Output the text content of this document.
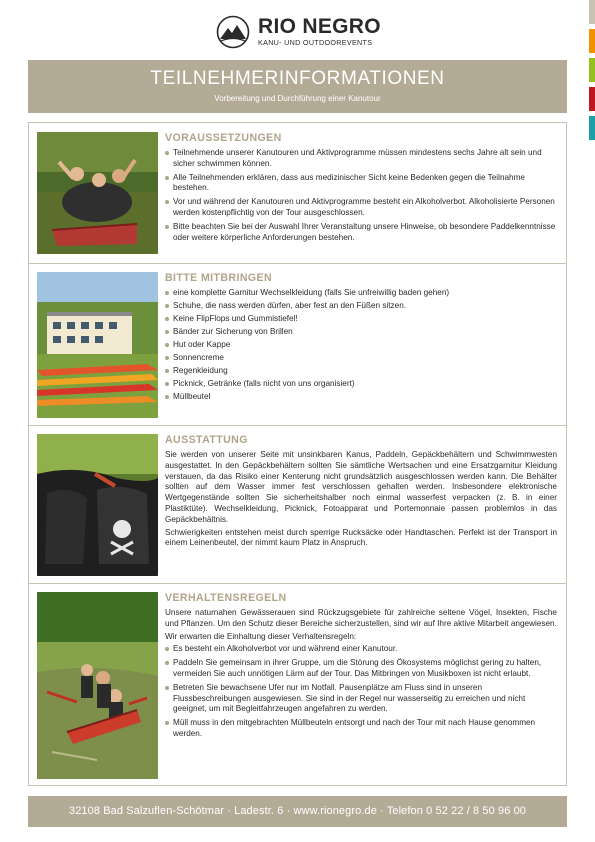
RIO NEGRO
KANU- UND OUTDOOREVENTS
TEILNEHMERINFORMATIONEN
Vorbereitung und Durchführung einer Kanutour
VORAUSSETZUNGEN
Teilnehmende unserer Kanutouren und Aktivprogramme müssen mindestens sechs Jahre alt sein und sicher schwimmen können.
Alle Teilnehmenden erklären, dass aus medizinischer Sicht keine Bedenken gegen die Teilnahme bestehen.
Vor und während der Kanutouren und Aktivprogramme besteht ein Alkoholverbot. Alkoholisierte Personen werden kostenpflichtig von der Tour ausgeschlossen.
Bitte beachten Sie bei der Auswahl Ihrer Veranstaltung unsere Hinweise, ob besondere Paddelkenntnisse oder weitere körperliche Anforderungen bestehen.
BITTE MITBRINGEN
eine komplette Garnitur Wechselkleidung (falls Sie unfreiwillig baden gehen)
Schuhe, die nass werden dürfen, aber fest an den Füßen sitzen.
Keine FlipFlops und Gummistiefel!
Bänder zur Sicherung von Brillen
Hut oder Kappe
Sonnencreme
Regenkleidung
Picknick, Getränke (falls nicht von uns organisiert)
Müllbeutel
AUSSTATTUNG

Sie werden von unserer Seite mit unsinkbaren Kanus, Paddeln, Gepäckbehältern und Schwimmwesten ausgestattet. In den Gepäckbehältern sollten Sie sämtliche Wertsachen und eine Ersatzgarnitur Kleidung verstauen, da das Risiko einer Kenterung nicht grundsätzlich ausgeschlossen werden kann. Die Behälter sollten auf dem Wasser immer fest verschlossen gehalten werden. Insbesondere elektronische Wertgegenstände sollten Sie sicherheitshalber noch einmal wasserfest verpacken (z. B. in einer Plastiktüte). Wechselkleidung, Picknick, Fotoapparat und Portemonnaie passen problemlos in das Gepäckbehältnis.

Schwierigkeiten entstehen meist durch sperrige Rucksäcke oder Handtaschen. Perfekt ist der Transport in einem Leinenbeutel, der nimmt kaum Platz in Anspruch.

VERHALTENSREGELN

Unsere naturnahen Gewässerauen sind Rückzugsgebiete für zahlreiche seltene Vögel, Insekten, Fische und Pflanzen. Um den Schutz dieser Bereiche sicherzustellen, sind wir auf Ihre aktive Mitarbeit angewiesen.

Wir erwarten die Einhaltung dieser Verhaltensregeln:

Es besteht ein Alkoholverbot vor und während einer Kanutour.
Paddeln Sie gemeinsam in ihrer Gruppe, um die Störung des Ökosystems möglichst gering zu halten, vermeiden Sie auch unnötigen Lärm auf der Tour. Das Mitbringen von Musikboxen ist nicht erlaubt.
Betreten Sie bewachsene Ufer nur im Notfall. Pausenplätze am Fluss sind in unseren Flussbeschreibungen ausgewiesen. Sie sind in der Regel nur wasserseitig zu erreichen und nicht geeignet, um mit Begleitfahrzeugen angefahren zu werden.
Müll muss in den mitgebrachten Müllbeuteln entsorgt und nach der Tour mit nach Hause genommen werden.
32108 Bad Salzuflen-Schötmar · Ladestr. 6 · www.rionegro.de · Telefon 0 52 22 / 8 50 96 00
